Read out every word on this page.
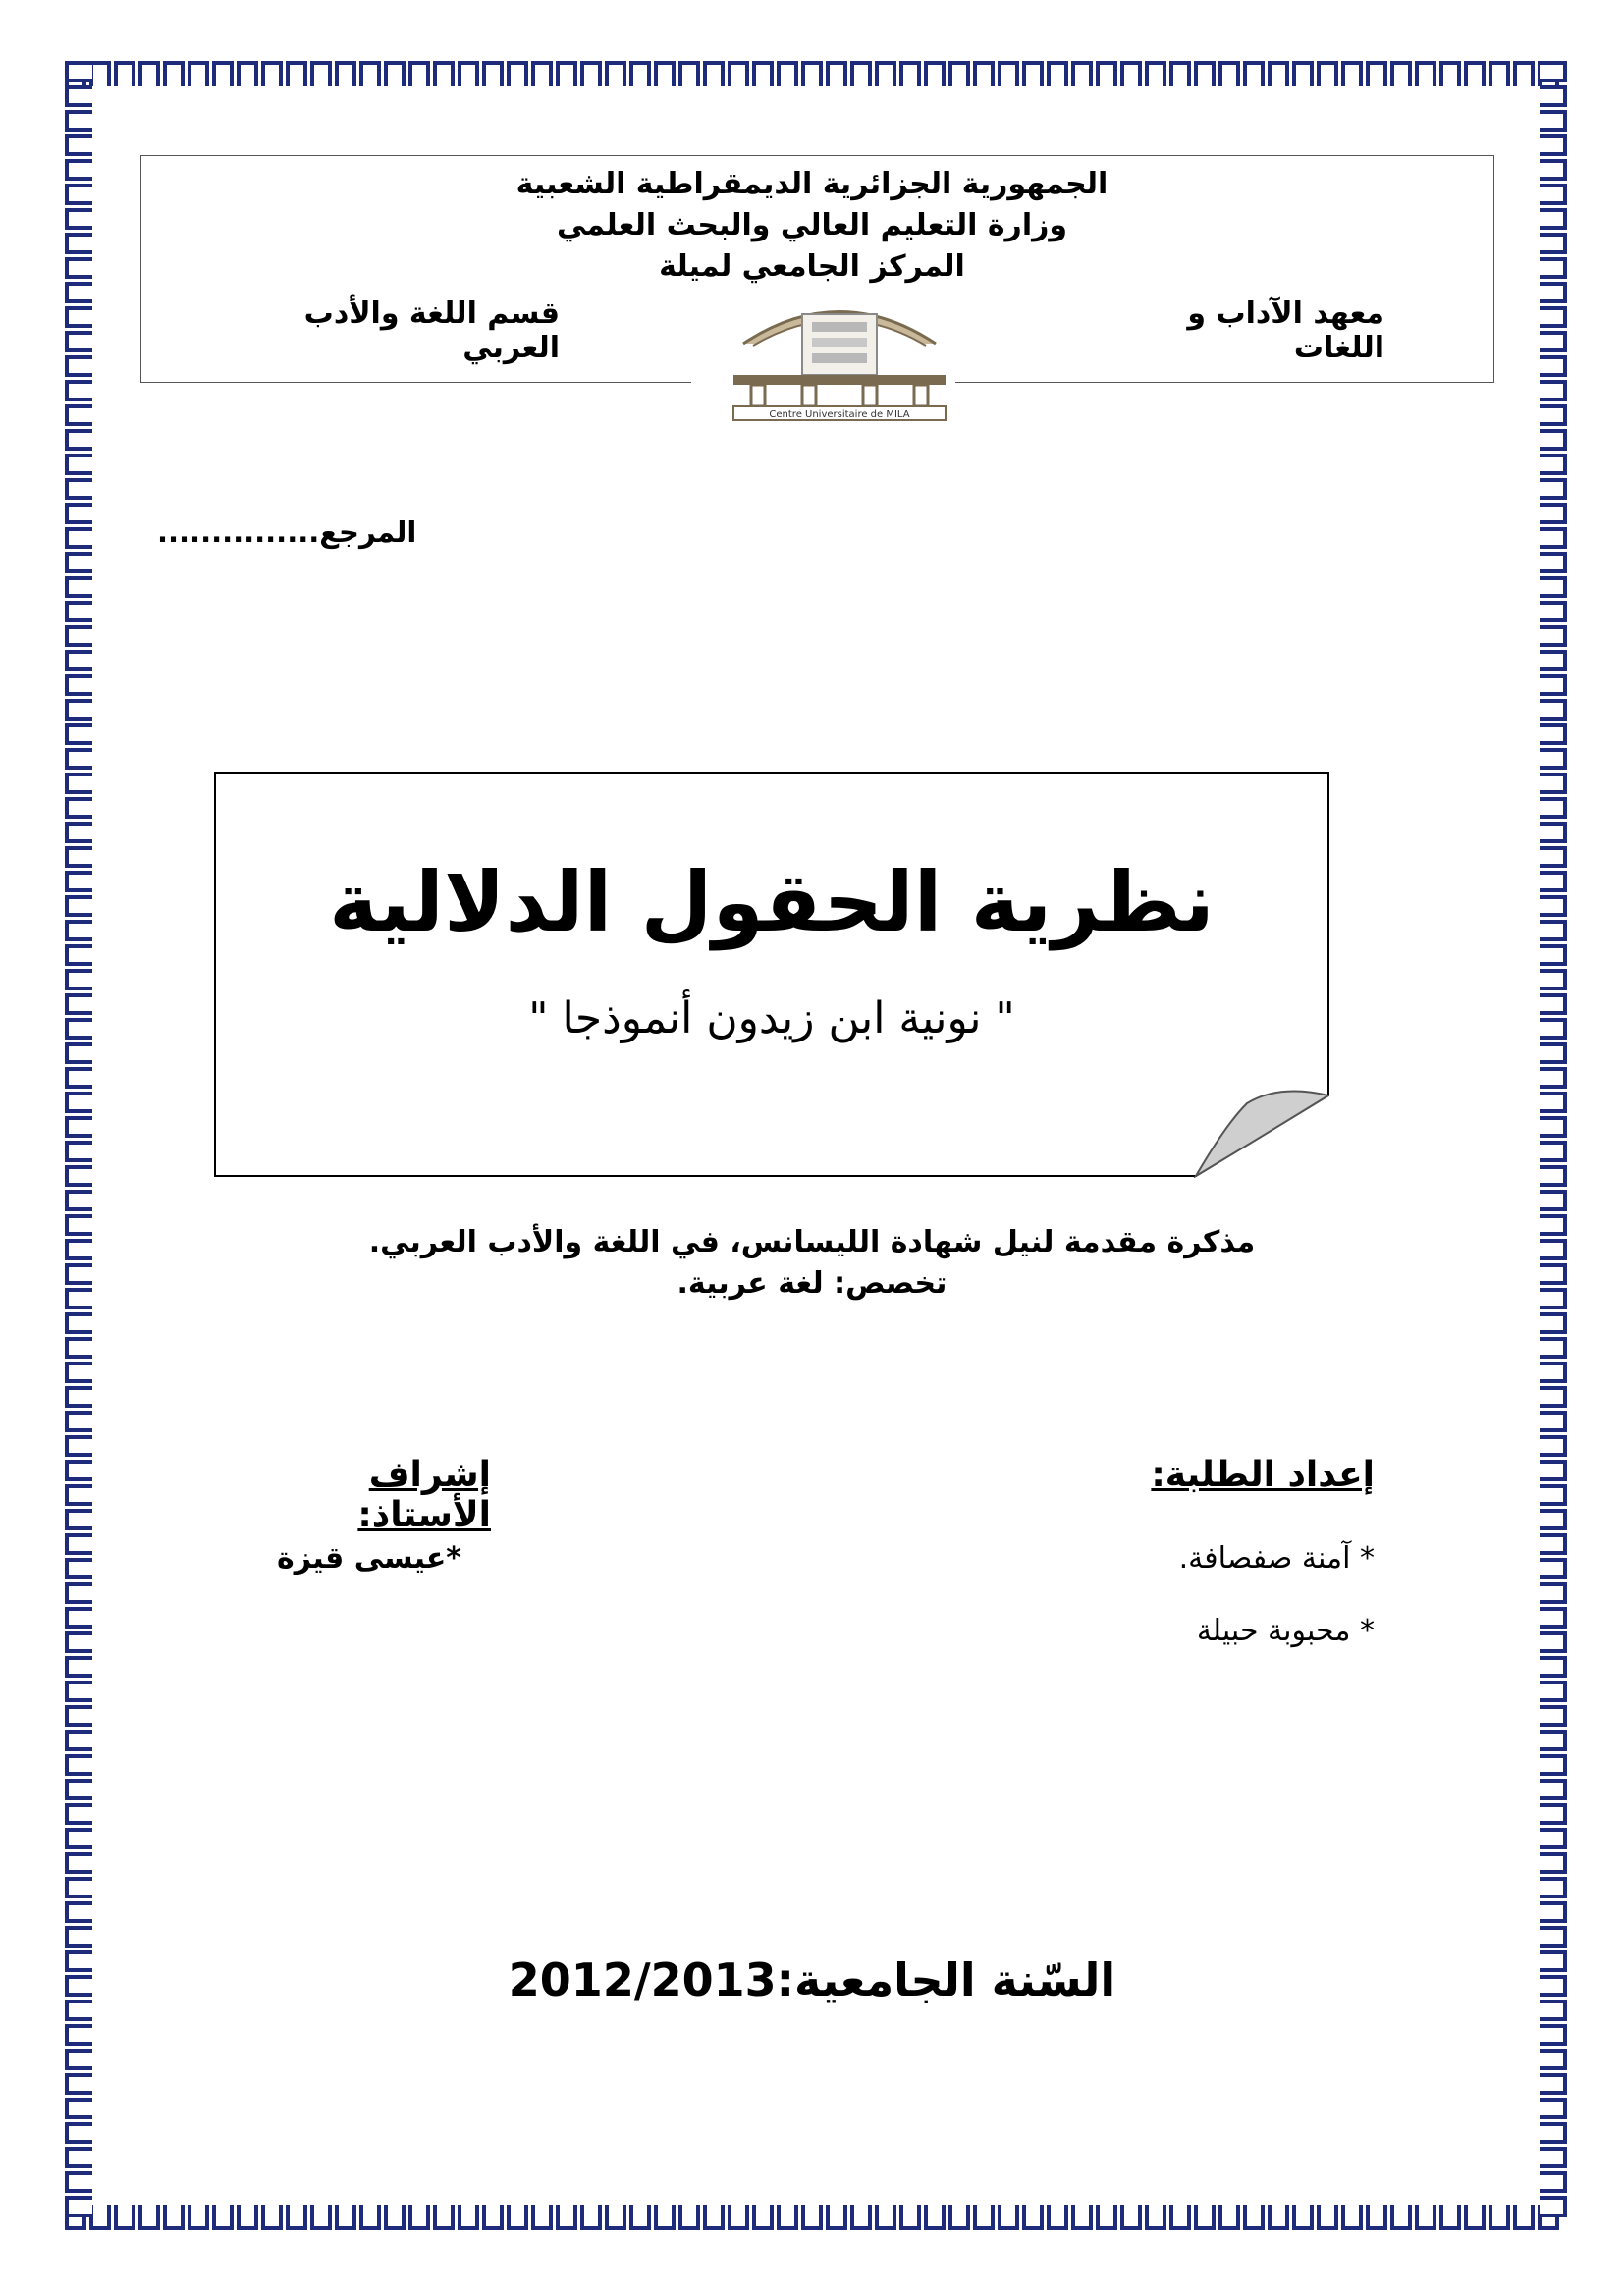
الجمهورية الجزائرية الديمقراطية الشعبية
وزارة التعليم العالي والبحث العلمي
المركز الجامعي لميلة
معهد الآداب و اللغات
قسم اللغة والأدب العربي
Centre Universitaire de MILA
المرجع...............
نظرية الحقول الدلالية
" نونية ابن زيدون أنموذجا "
مذكرة مقدمة لنيل شهادة الليسانس، في اللغة والأدب العربي.
تخصص: لغة عربية.
إعداد الطلبة:
* آمنة صفصافة.
* محبوبة حبيلة
إشراف الأستاذ:
*عيسى قيزة
السّنة الجامعية:2012/2013
